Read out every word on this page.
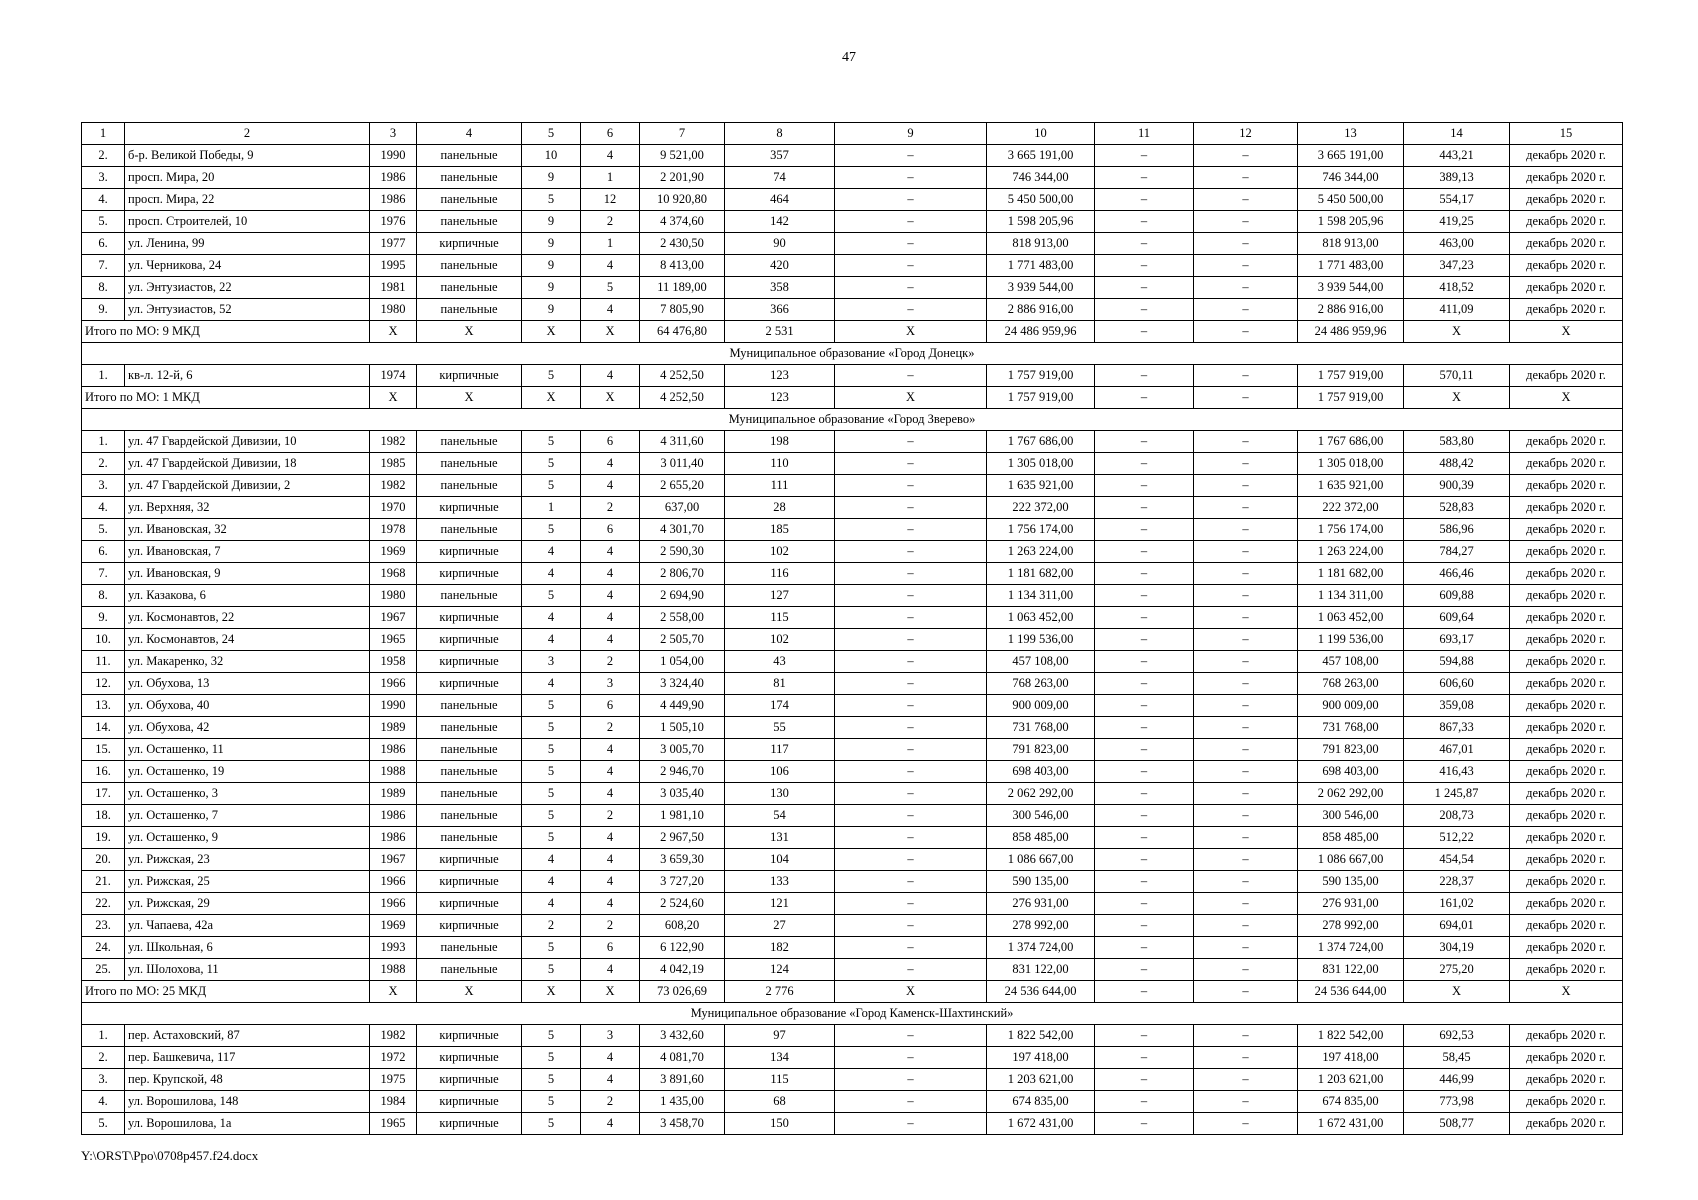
47
1	2	3	4	5	6	7	8	9	10	11	12	13	14	15
2.	б-р. Великой Победы, 9	1990	панельные	10	4	9 521,00	357	–	3 665 191,00	–	–	3 665 191,00	443,21	декабрь 2020 г.
3.	просп. Мира, 20	1986	панельные	9	1	2 201,90	74	–	746 344,00	–	–	746 344,00	389,13	декабрь 2020 г.
4.	просп. Мира, 22	1986	панельные	5	12	10 920,80	464	–	5 450 500,00	–	–	5 450 500,00	554,17	декабрь 2020 г.
5.	просп. Строителей, 10	1976	панельные	9	2	4 374,60	142	–	1 598 205,96	–	–	1 598 205,96	419,25	декабрь 2020 г.
6.	ул. Ленина, 99	1977	кирпичные	9	1	2 430,50	90	–	818 913,00	–	–	818 913,00	463,00	декабрь 2020 г.
7.	ул. Черникова, 24	1995	панельные	9	4	8 413,00	420	–	1 771 483,00	–	–	1 771 483,00	347,23	декабрь 2020 г.
8.	ул. Энтузиастов, 22	1981	панельные	9	5	11 189,00	358	–	3 939 544,00	–	–	3 939 544,00	418,52	декабрь 2020 г.
9.	ул. Энтузиастов, 52	1980	панельные	9	4	7 805,90	366	–	2 886 916,00	–	–	2 886 916,00	411,09	декабрь 2020 г.
Итого по МО: 9 МКД		X	X	X	X	64 476,80	2 531	X	24 486 959,96	–	–	24 486 959,96	X	X
Муниципальное образование «Город Донецк»														
1.	кв-л. 12-й, 6	1974	кирпичные	5	4	4 252,50	123	–	1 757 919,00	–	–	1 757 919,00	570,11	декабрь 2020 г.
Итого по МО: 1 МКД		X	X	X	X	4 252,50	123	X	1 757 919,00	–	–	1 757 919,00	X	X
Муниципальное образование «Город Зверево»														
1.	ул. 47 Гвардейской Дивизии, 10	1982	панельные	5	6	4 311,60	198	–	1 767 686,00	–	–	1 767 686,00	583,80	декабрь 2020 г.
2.	ул. 47 Гвардейской Дивизии, 18	1985	панельные	5	4	3 011,40	110	–	1 305 018,00	–	–	1 305 018,00	488,42	декабрь 2020 г.
3.	ул. 47 Гвардейской Дивизии, 2	1982	панельные	5	4	2 655,20	111	–	1 635 921,00	–	–	1 635 921,00	900,39	декабрь 2020 г.
4.	ул. Верхняя, 32	1970	кирпичные	1	2	637,00	28	–	222 372,00	–	–	222 372,00	528,83	декабрь 2020 г.
5.	ул. Ивановская, 32	1978	панельные	5	6	4 301,70	185	–	1 756 174,00	–	–	1 756 174,00	586,96	декабрь 2020 г.
6.	ул. Ивановская, 7	1969	кирпичные	4	4	2 590,30	102	–	1 263 224,00	–	–	1 263 224,00	784,27	декабрь 2020 г.
7.	ул. Ивановская, 9	1968	кирпичные	4	4	2 806,70	116	–	1 181 682,00	–	–	1 181 682,00	466,46	декабрь 2020 г.
8.	ул. Казакова, 6	1980	панельные	5	4	2 694,90	127	–	1 134 311,00	–	–	1 134 311,00	609,88	декабрь 2020 г.
9.	ул. Космонавтов, 22	1967	кирпичные	4	4	2 558,00	115	–	1 063 452,00	–	–	1 063 452,00	609,64	декабрь 2020 г.
10.	ул. Космонавтов, 24	1965	кирпичные	4	4	2 505,70	102	–	1 199 536,00	–	–	1 199 536,00	693,17	декабрь 2020 г.
11.	ул. Макаренко, 32	1958	кирпичные	3	2	1 054,00	43	–	457 108,00	–	–	457 108,00	594,88	декабрь 2020 г.
12.	ул. Обухова, 13	1966	кирпичные	4	3	3 324,40	81	–	768 263,00	–	–	768 263,00	606,60	декабрь 2020 г.
13.	ул. Обухова, 40	1990	панельные	5	6	4 449,90	174	–	900 009,00	–	–	900 009,00	359,08	декабрь 2020 г.
14.	ул. Обухова, 42	1989	панельные	5	2	1 505,10	55	–	731 768,00	–	–	731 768,00	867,33	декабрь 2020 г.
15.	ул. Осташенко, 11	1986	панельные	5	4	3 005,70	117	–	791 823,00	–	–	791 823,00	467,01	декабрь 2020 г.
16.	ул. Осташенко, 19	1988	панельные	5	4	2 946,70	106	–	698 403,00	–	–	698 403,00	416,43	декабрь 2020 г.
17.	ул. Осташенко, 3	1989	панельные	5	4	3 035,40	130	–	2 062 292,00	–	–	2 062 292,00	1 245,87	декабрь 2020 г.
18.	ул. Осташенко, 7	1986	панельные	5	2	1 981,10	54	–	300 546,00	–	–	300 546,00	208,73	декабрь 2020 г.
19.	ул. Осташенко, 9	1986	панельные	5	4	2 967,50	131	–	858 485,00	–	–	858 485,00	512,22	декабрь 2020 г.
20.	ул. Рижская, 23	1967	кирпичные	4	4	3 659,30	104	–	1 086 667,00	–	–	1 086 667,00	454,54	декабрь 2020 г.
21.	ул. Рижская, 25	1966	кирпичные	4	4	3 727,20	133	–	590 135,00	–	–	590 135,00	228,37	декабрь 2020 г.
22.	ул. Рижская, 29	1966	кирпичные	4	4	2 524,60	121	–	276 931,00	–	–	276 931,00	161,02	декабрь 2020 г.
23.	ул. Чапаева, 42а	1969	кирпичные	2	2	608,20	27	–	278 992,00	–	–	278 992,00	694,01	декабрь 2020 г.
24.	ул. Школьная, 6	1993	панельные	5	6	6 122,90	182	–	1 374 724,00	–	–	1 374 724,00	304,19	декабрь 2020 г.
25.	ул. Шолохова, 11	1988	панельные	5	4	4 042,19	124	–	831 122,00	–	–	831 122,00	275,20	декабрь 2020 г.
Итого по МО: 25 МКД		X	X	X	X	73 026,69	2 776	X	24 536 644,00	–	–	24 536 644,00	X	X
Муниципальное образование «Город Каменск-Шахтинский»														
1.	пер. Астаховский, 87	1982	кирпичные	5	3	3 432,60	97	–	1 822 542,00	–	–	1 822 542,00	692,53	декабрь 2020 г.
2.	пер. Башкевича, 117	1972	кирпичные	5	4	4 081,70	134	–	197 418,00	–	–	197 418,00	58,45	декабрь 2020 г.
3.	пер. Крупской, 48	1975	кирпичные	5	4	3 891,60	115	–	1 203 621,00	–	–	1 203 621,00	446,99	декабрь 2020 г.
4.	ул. Ворошилова, 148	1984	кирпичные	5	2	1 435,00	68	–	674 835,00	–	–	674 835,00	773,98	декабрь 2020 г.
5.	ул. Ворошилова, 1а	1965	кирпичные	5	4	3 458,70	150	–	1 672 431,00	–	–	1 672 431,00	508,77	декабрь 2020 г.
Y:\ORST\Ppo\0708p457.f24.docx
